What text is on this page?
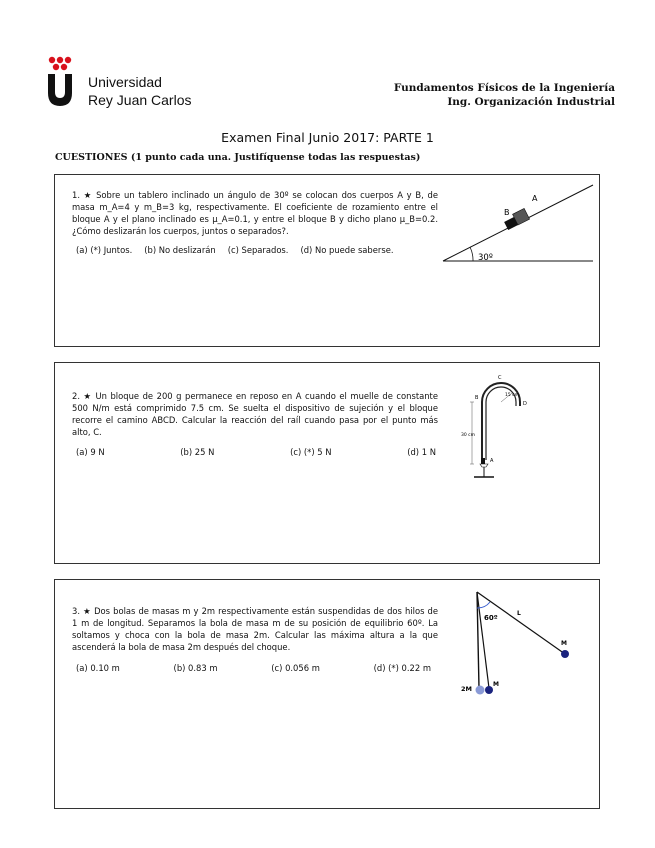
Universidad
Rey Juan Carlos
Fundamentos Físicos de la Ingeniería
Ing. Organización Industrial
Examen Final Junio 2017: PARTE 1
CUESTIONES (1 punto cada una. Justifíquense todas las respuestas)
1. ★ Sobre un tablero inclinado un ángulo de 30º se colocan dos cuerpos A y B, de masa m_A=4 y m_B=3 kg, respectivamente. El coeficiente de rozamiento entre el bloque A y el plano inclinado es μ_A=0.1, y entre el bloque B y dicho plano μ_B=0.2. ¿Cómo deslizarán los cuerpos, juntos o separados?.
(a) (*) Juntos. (b) No deslizarán (c) Separados. (d) No puede saberse.
30º
A
B
2. ★ Un bloque de 200 g permanece en reposo en A cuando el muelle de constante 500 N/m está comprimido 7.5 cm. Se suelta el dispositivo de sujeción y el bloque recorre el camino ABCD. Calcular la reacción del raíl cuando pasa por el punto más alto, C.
(a) 9 N	(b) 25 N	(c) (*) 5 N	(d) 1 N
C
B
D
15 cm
30 cm
A
3. ★ Dos bolas de masas m y 2m respectivamente están suspendidas de dos hilos de 1 m de longitud. Separamos la bola de masa m de su posición de equilibrio 60º. La soltamos y choca con la bola de masa 2m. Calcular las máxima altura a la que ascenderá la bola de masa 2m después del choque.
(a) 0.10 m	(b) 0.83 m	(c) 0.056 m	(d) (*) 0.22 m
60º
L
M
2M
M
